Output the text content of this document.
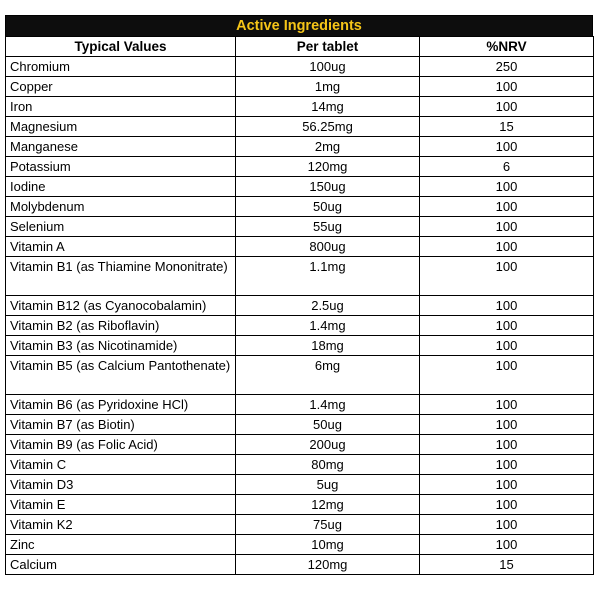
Active Ingredients
Typical Values	Per tablet	%NRV
Chromium	100ug	250
Copper	1mg	100
Iron	14mg	100
Magnesium	56.25mg	15
Manganese	2mg	100
Potassium	120mg	6
Iodine	150ug	100
Molybdenum	50ug	100
Selenium	55ug	100
Vitamin A	800ug	100
Vitamin B1 (as Thiamine Mononitrate)	1.1mg	100
Vitamin B12 (as Cyanocobalamin)	2.5ug	100
Vitamin B2 (as Riboflavin)	1.4mg	100
Vitamin B3 (as Nicotinamide)	18mg	100
Vitamin B5 (as Calcium Pantothenate)	6mg	100
Vitamin B6 (as Pyridoxine HCl)	1.4mg	100
Vitamin B7 (as Biotin)	50ug	100
Vitamin B9 (as Folic Acid)	200ug	100
Vitamin C	80mg	100
Vitamin D3	5ug	100
Vitamin E	12mg	100
Vitamin K2	75ug	100
Zinc	10mg	100
Calcium	120mg	15
